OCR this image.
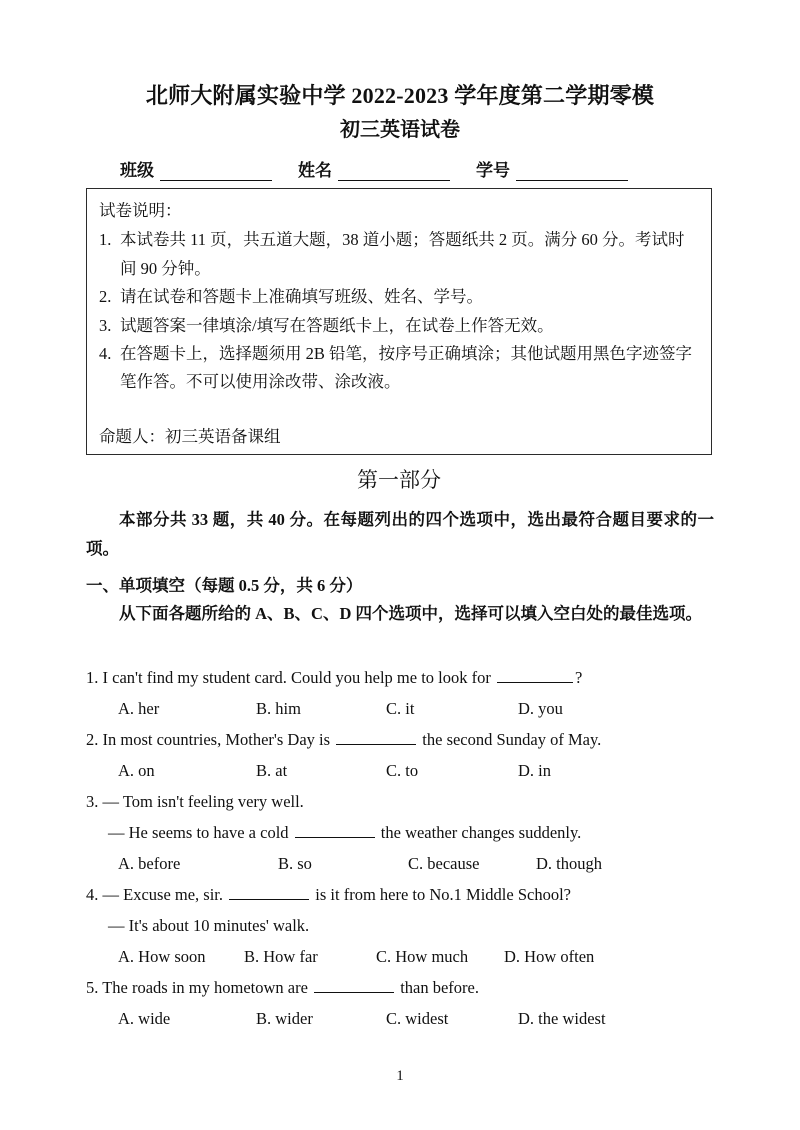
北师大附属实验中学 2022-2023 学年度第二学期零模
初三英语试卷
班级	姓名	学号
试卷说明：
1. 本试卷共 11 页，共五道大题，38 道小题；答题纸共 2 页。满分 60 分。考试时间 90 分钟。
2. 请在试卷和答题卡上准确填写班级、姓名、学号。
3. 试题答案一律填涂/填写在答题纸卡上，在试卷上作答无效。
4. 在答题卡上，选择题须用 2B 铅笔，按序号正确填涂；其他试题用黑色字迹签字笔作答。不可以使用涂改带、涂改液。
命题人：初三英语备课组
第一部分
本部分共 33 题，共 40 分。在每题列出的四个选项中，选出最符合题目要求的一项。
一、单项填空（每题 0.5 分，共 6 分）
从下面各题所给的 A、B、C、D 四个选项中，选择可以填入空白处的最佳选项。
1. I can't find my student card. Could you help me to look for	?
A. her	B. him	C. it	D. you
2. In most countries, Mother's Day is	the second Sunday of May.
A. on	B. at	C. to	D. in
3. — Tom isn't feeling very well.
— He seems to have a cold	the weather changes suddenly.
A. before	B. so	C. because	D. though
4. — Excuse me, sir.	is it from here to No.1 Middle School?
— It's about 10 minutes' walk.
A. How soon B. How far	C. How much D. How often
5. The roads in my hometown are	than before.
A. wide	B. wider	C. widest	D. the widest
1
